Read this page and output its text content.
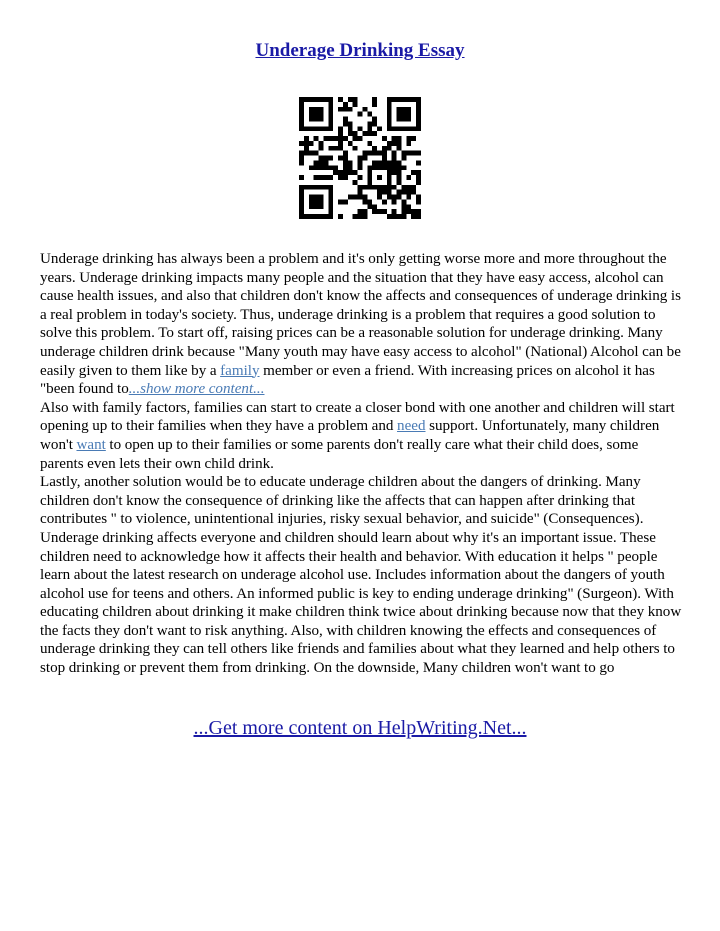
Underage Drinking Essay

Underage drinking has always been a problem and it's only getting worse more and more throughout the years. Underage drinking impacts many people and the situation that they have easy access, alcohol can cause health issues, and also that children don't know the affects and consequences of underage drinking is a real problem in today's society. Thus, underage drinking is a problem that requires a good solution to solve this problem. To start off, raising prices can be a reasonable solution for underage drinking. Many underage children drink because "Many youth may have easy access to alcohol" (National) Alcohol can be easily given to them like by a family member or even a friend. With increasing prices on alcohol it has "been found to...show more content...

Also with family factors, families can start to create a closer bond with one another and children will start opening up to their families when they have a problem and need support. Unfortunately, many children won't want to open up to their families or some parents don't really care what their child does, some parents even lets their own child drink.

Lastly, another solution would be to educate underage children about the dangers of drinking. Many children don't know the consequence of drinking like the affects that can happen after drinking that contributes " to violence, unintentional injuries, risky sexual behavior, and suicide" (Consequences). Underage drinking affects everyone and children should learn about why it's an important issue. These children need to acknowledge how it affects their health and behavior. With education it helps " people learn about the latest research on underage alcohol use. Includes information about the dangers of youth alcohol use for teens and others. An informed public is key to ending underage drinking" (Surgeon). With educating children about drinking it make children think twice about drinking because now that they know the facts they don't want to risk anything. Also, with children knowing the effects and consequences of underage drinking they can tell others like friends and families about what they learned and help others to stop drinking or prevent them from drinking. On the downside, Many children won't want to go

...Get more content on HelpWriting.Net...
